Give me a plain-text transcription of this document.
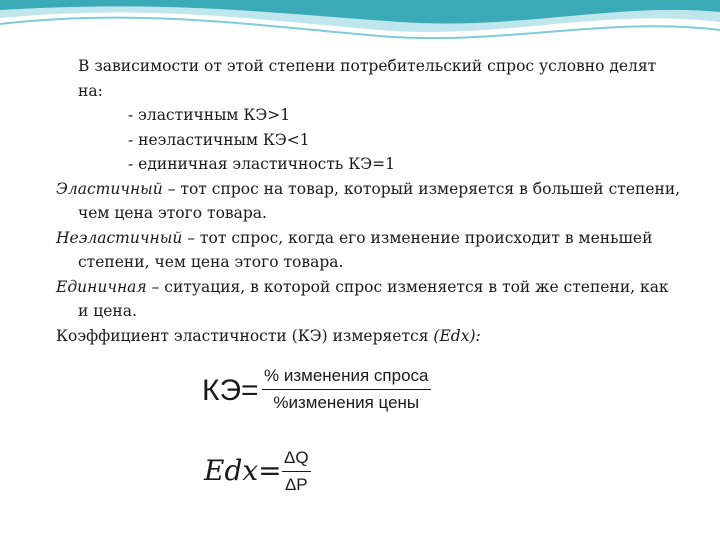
В зависимости от этой степени потребительский спрос условно делят
на:

- эластичным КЭ>1

- неэластичным КЭ<1

- единичная эластичность КЭ=1

Эластичный – тот спрос на товар, который измеряется в большей степени, чем цена этого товара.

Неэластичный – тот спрос, когда его изменение происходит в меньшей степени, чем цена этого товара.

Единичная – ситуация, в которой спрос изменяется в той же степени, как и цена.

Коэффициент эластичности (КЭ) измеряется (Edx):

КЭ= % изменения спроса
%изменения цены
$Edx= \frac{\Delta Q}{\Delta P}$
